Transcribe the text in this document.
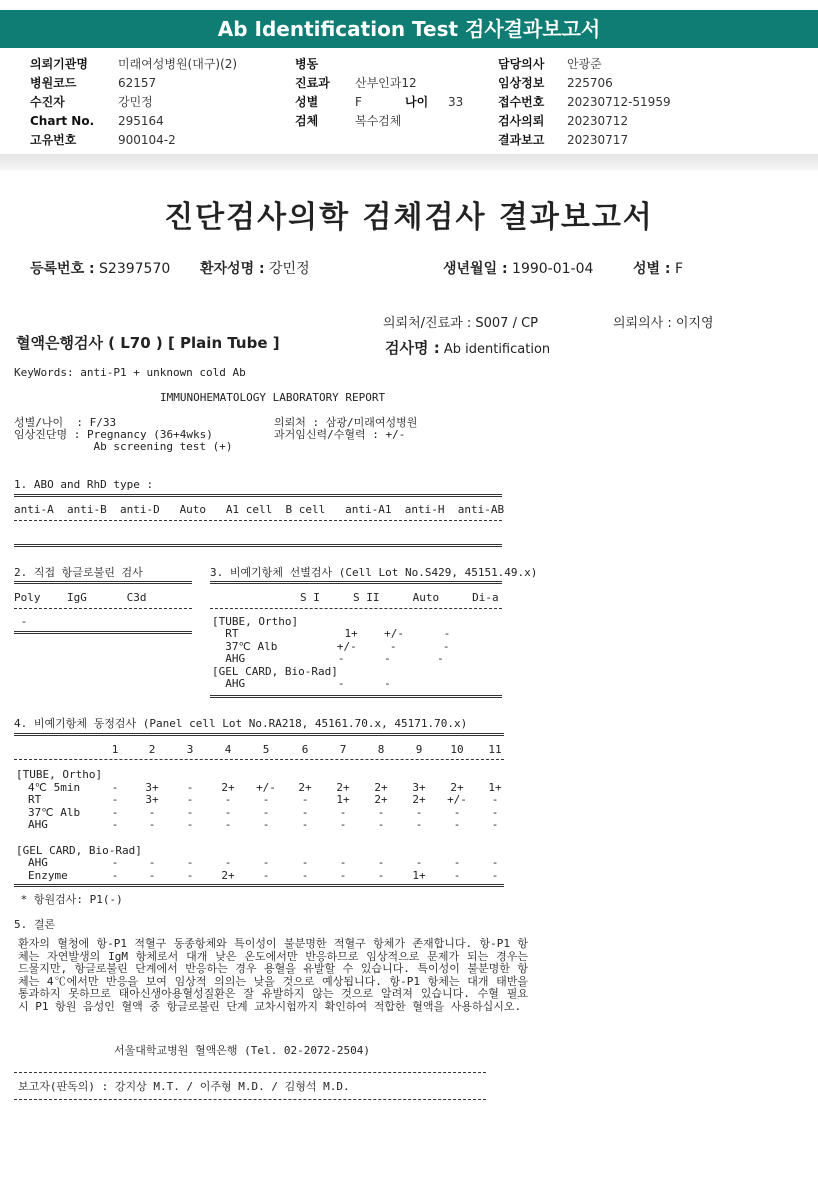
Ab Identification Test 검사결과보고서
의뢰기관명	미래여성병원(대구)(2)
병원코드	62157
수진자	강민정
Chart No. 295164
고유번호	900104-2
병동
진료과 산부인과12
성별	F	나이 33
검체	복수검체
담당의사 안광준
임상정보 225706
접수번호 20230712-51959
검사의뢰 20230712
결과보고 20230717
진단검사의학 검체검사 결과보고서
등록번호 : S2397570 환자성명 : 강민정	생년월일 : 1990-01-04	성별 : F
의뢰처/진료과 : S007 / CP	의뢰의사 : 이지영
혈액은행검사 ( L70 ) [ Plain Tube ]	검사명 : Ab identification
KeyWords: anti-P1 + unknown cold Ab
IMMUNOHEMATOLOGY LABORATORY REPORT
성별/나이  : F/33	의뢰처 : 삼광/미래여성병원
임상진단명 : Pregnancy (36+4wks)	과거임신력/수혈력 : +/-
Ab screening test (+)
1. ABO and RhD type :
anti-A  anti-B  anti-D   Auto   A1 cell  B cell   anti-A1  anti-H  anti-AB
2. 직접 항글로불린 검사
Poly    IgG      C3d
-
3. 비예기항체 선별검사 (Cell Lot No.S429, 45151.49.x)
S I     S II     Auto     Di-a
[TUBE, Ortho]
RT                1+    +/-      -
37℃ Alb         +/-     -       -
AHG              -      -       -
[GEL CARD, Bio-Rad]
AHG              -      -
4. 비예기항체 동정검사 (Panel cell Lot No.RA218, 45161.70.x, 45171.70.x)
* 항원검사: P1(-)
5. 결론
환자의 혈청에 항-P1 적혈구 동종항체와 특이성이 불분명한 적혈구 항체가 존재합니다. 항-P1 항체는 자연발생의 IgM 항체로서 대개 낮은 온도에서만 반응하므로 임상적으로 문제가 되는 경우는 드물지만, 항글로불린 단계에서 반응하는 경우 용혈을 유발할 수 있습니다. 특이성이 불분명한 항체는 4℃에서만 반응을 보여 임상적 의의는 낮을 것으로 예상됩니다. 항-P1 항체는 대개 태반을 통과하지 못하므로 태아신생아용혈성질환은 잘 유발하지 않는 것으로 알려져 있습니다. 수혈 필요 시 P1 항원 음성인 혈액 중 항글로불린 단계 교차시험까지 확인하여 적합한 혈액을 사용하십시오.
서울대학교병원 혈액은행 (Tel. 02-2072-2504)
보고자(판독의) : 강지상 M.T. / 이주형 M.D. / 김형석 M.D.
1	2	3	4	5	6	7	8	9	10	11
[TUBE, Ortho]
4℃ 5min	-	3+	-	2+	+/-	2+	2+	2+	3+	2+	1+
RT	-	3+	-	-	-	-	1+	2+	2+	+/-	-
37℃ Alb	-	-	-	-	-	-	-	-	-	-	-
AHG	-	-	-	-	-	-	-	-	-	-	-
[GEL CARD, Bio-Rad]
AHG	-	-	-	-	-	-	-	-	-	-	-
Enzyme	-	-	-	2+	-	-	-	-	1+	-	-
